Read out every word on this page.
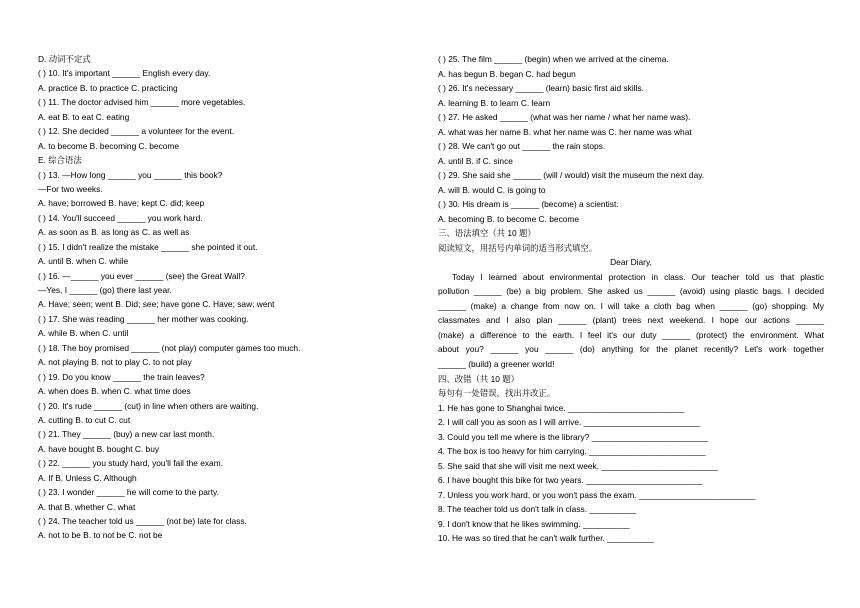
D. 动词不定式
( ) 10. It's important ______ English every day.
A. practice B. to practice C. practicing
( ) 11. The doctor advised him ______ more vegetables.
A. eat B. to eat C. eating
( ) 12. She decided ______ a volunteer for the event.
A. to become B. becoming C. become
E. 综合语法
( ) 13. —How long ______ you ______ this book?
—For two weeks.
A. have; borrowed B. have; kept C. did; keep
( ) 14. You'll succeed ______ you work hard.
A. as soon as B. as long as C. as well as
( ) 15. I didn't realize the mistake ______ she pointed it out.
A. until B. when C. while
( ) 16. —______ you ever ______ (see) the Great Wall?
—Yes, I ______ (go) there last year.
A. Have; seen; went B. Did; see; have gone C. Have; saw; went
( ) 17. She was reading ______ her mother was cooking.
A. while B. when C. until
( ) 18. The boy promised ______ (not play) computer games too much.
A. not playing B. not to play C. to not play
( ) 19. Do you know ______ the train leaves?
A. when does B. when C. what time does
( ) 20. It's rude ______ (cut) in line when others are waiting.
A. cutting B. to cut C. cut
( ) 21. They ______ (buy) a new car last month.
A. have bought B. bought C. buy
( ) 22. ______ you study hard, you'll fail the exam.
A. If B. Unless C. Although
( ) 23. I wonder ______ he will come to the party.
A. that B. whether C. what
( ) 24. The teacher told us ______ (not be) late for class.
A. not to be B. to not be C. not be
( ) 25. The film ______ (begin) when we arrived at the cinema.
A. has begun B. began C. had begun
( ) 26. It's necessary ______ (learn) basic first aid skills.
A. learning B. to learn C. learn
( ) 27. He asked ______ (what was her name / what her name was).
A. what was her name B. what her name was C. her name was what
( ) 28. We can't go out ______ the rain stops.
A. until B. if C. since
( ) 29. She said she ______ (will / would) visit the museum the next day.
A. will B. would C. is going to
( ) 30. His dream is ______ (become) a scientist.
A. becoming B. to become C. become
三、语法填空（共 10 题）
阅读短文，用括号内单词的适当形式填空。
Dear Diary,

Today I learned about environmental protection in class. Our teacher told us that plastic

pollution ______ (be) a big problem. She asked us ______ (avoid) using plastic bags. I decided

______ (make) a change from now on. I will take a cloth bag when ______ (go) shopping. My

classmates and I also plan ______ (plant) trees next weekend. I hope our actions ______

(make) a difference to the earth. I feel it's our duty ______ (protect) the environment. What

about you? ______ you ______ (do) anything for the planet recently? Let's work together

______ (build) a greener world!

四、改错（共 10 题）
每句有一处错误，找出并改正。
1. He has gone to Shanghai twice. _________________________
2. I will call you as soon as I will arrive. _________________________
3. Could you tell me where is the library? _________________________
4. The box is too heavy for him carrying. _________________________
5. She said that she will visit me next week. _________________________
6. I have bought this bike for two years. _________________________
7. Unless you work hard, or you won't pass the exam. _________________________
8. The teacher told us don't talk in class. __________
9. I don't know that he likes swimming. __________
10. He was so tired that he can't walk further. __________
